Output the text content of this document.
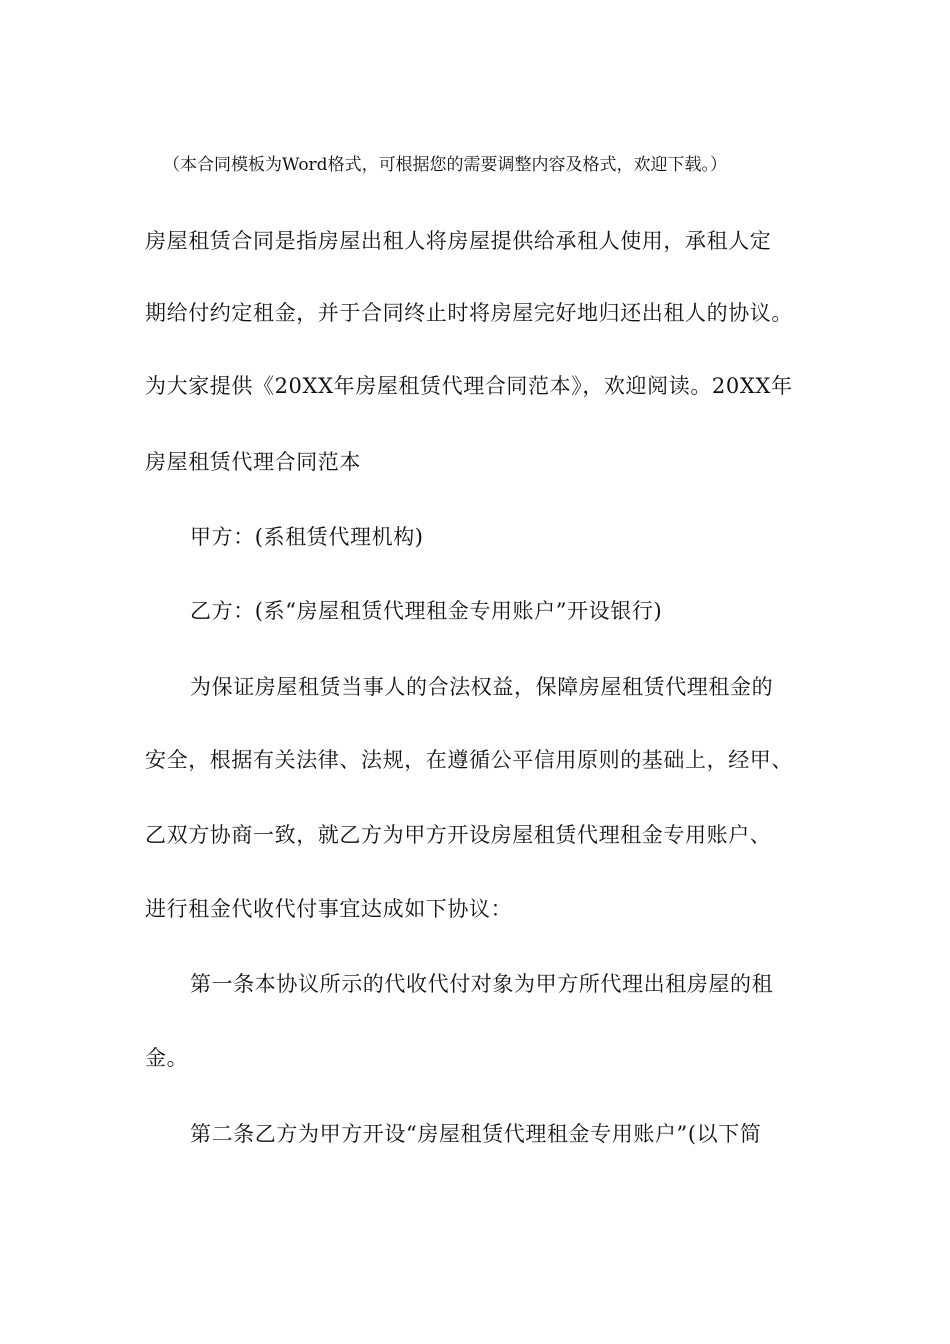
（本合同模板为Word格式，可根据您的需要调整内容及格式，欢迎下载。）
房屋租赁合同是指房屋出租人将房屋提供给承租人使用，承租人定
期给付约定租金，并于合同终止时将房屋完好地归还出租人的协议。
为大家提供《20XX年房屋租赁代理合同范本》，欢迎阅读。20XX年
房屋租赁代理合同范本
甲方：(系租赁代理机构)
乙方：(系“房屋租赁代理租金专用账户”开设银行)
为保证房屋租赁当事人的合法权益，保障房屋租赁代理租金的
安全，根据有关法律、法规，在遵循公平信用原则的基础上，经甲、
乙双方协商一致，就乙方为甲方开设房屋租赁代理租金专用账户、
进行租金代收代付事宜达成如下协议：
第一条本协议所示的代收代付对象为甲方所代理出租房屋的租
金。
第二条乙方为甲方开设“房屋租赁代理租金专用账户”(以下简
